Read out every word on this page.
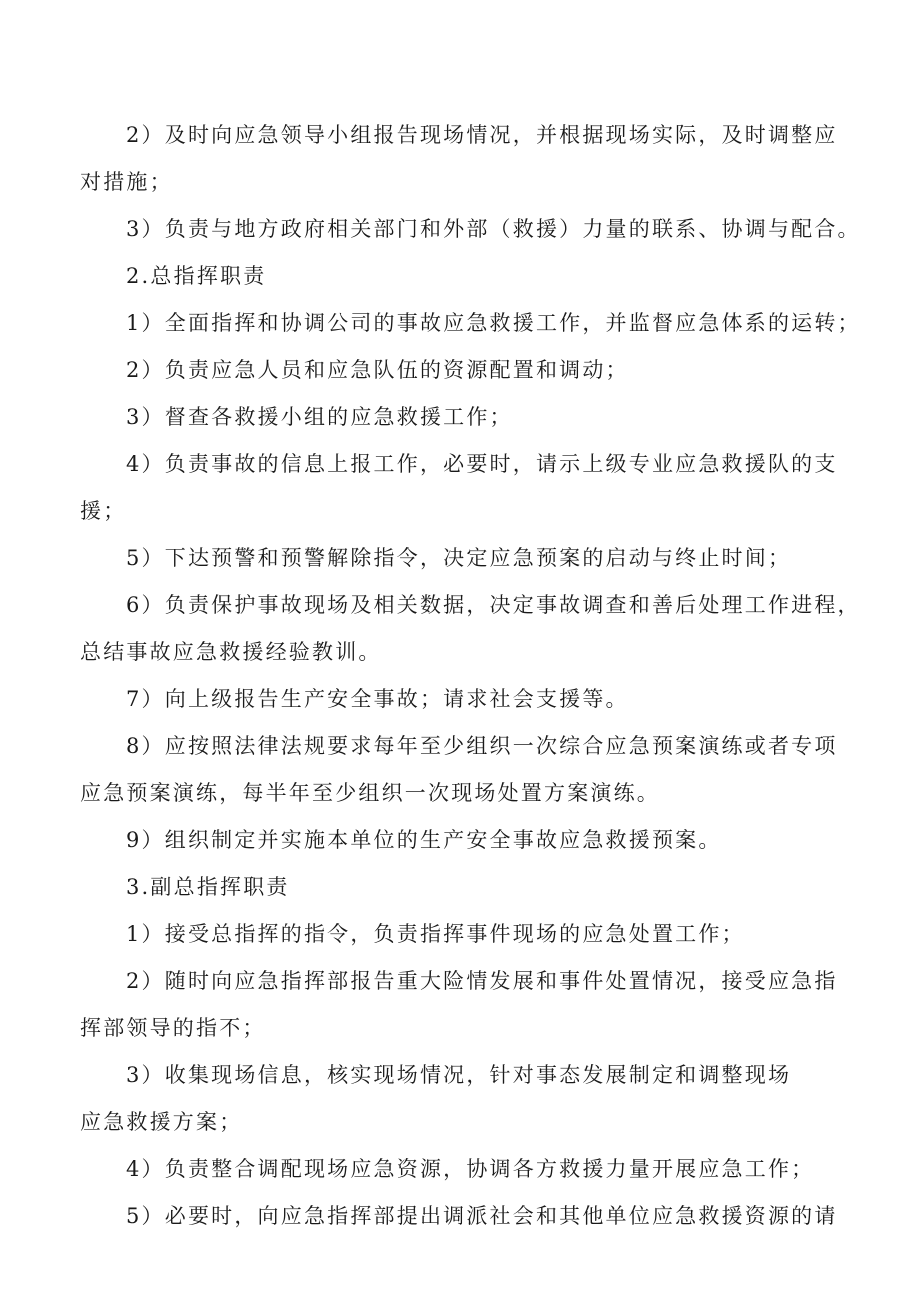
2）及时向应急领导小组报告现场情况，并根据现场实际，及时调整应
对措施；
3）负责与地方政府相关部门和外部（救援）力量的联系、协调与配合。
2.总指挥职责
1）全面指挥和协调公司的事故应急救援工作，并监督应急体系的运转；
2）负责应急人员和应急队伍的资源配置和调动；
3）督查各救援小组的应急救援工作；
4）负责事故的信息上报工作，必要时，请示上级专业应急救援队的支
援；
5）下达预警和预警解除指令，决定应急预案的启动与终止时间；
6）负责保护事故现场及相关数据，决定事故调查和善后处理工作进程，
总结事故应急救援经验教训。
7）向上级报告生产安全事故；请求社会支援等。
8）应按照法律法规要求每年至少组织一次综合应急预案演练或者专项
应急预案演练，每半年至少组织一次现场处置方案演练。
9）组织制定并实施本单位的生产安全事故应急救援预案。
3.副总指挥职责
1）接受总指挥的指令，负责指挥事件现场的应急处置工作；
2）随时向应急指挥部报告重大险情发展和事件处置情况，接受应急指
挥部领导的指不；
3）收集现场信息，核实现场情况，针对事态发展制定和调整现场
应急救援方案；
4）负责整合调配现场应急资源，协调各方救援力量开展应急工作；
5）必要时，向应急指挥部提出调派社会和其他单位应急救援资源的请
